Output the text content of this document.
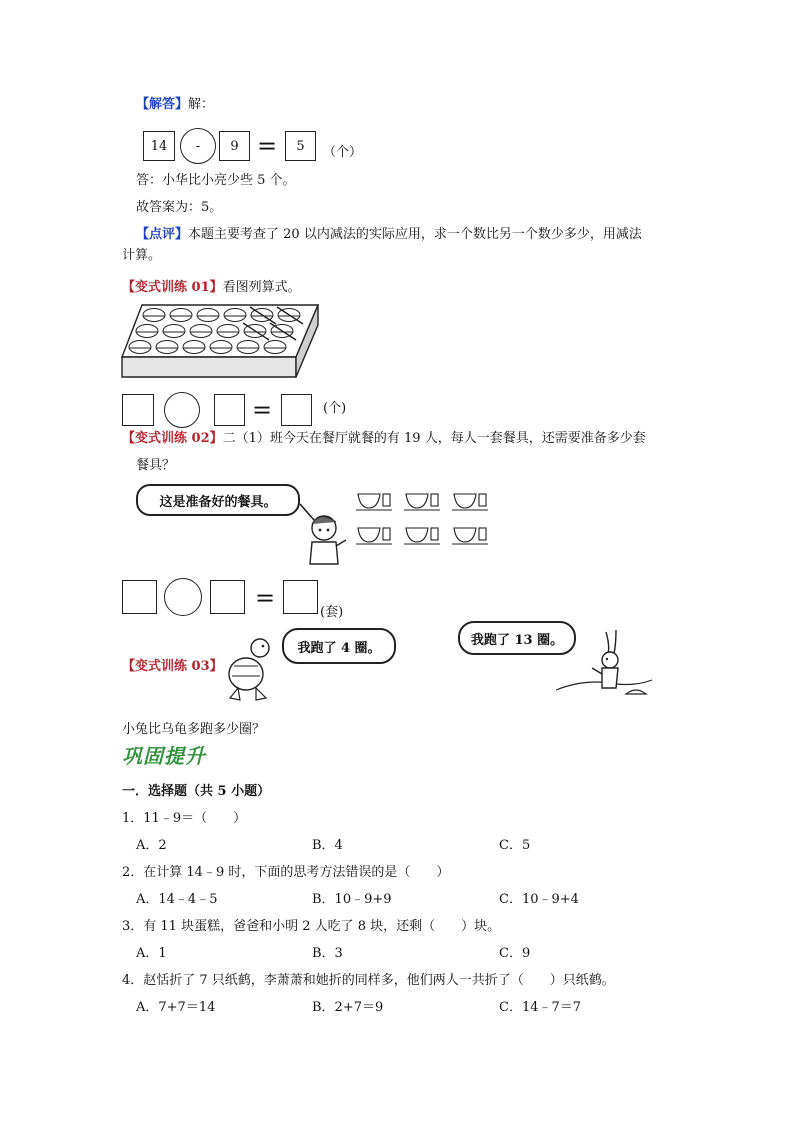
【解答】解：
14	-	9 =	5	（个）
答：小华比小亮少些 5 个。
故答案为：5。
【点评】本题主要考查了 20 以内减法的实际应用，求一个数比另一个数少多少，用减法
计算。
【变式训练 01】看图列算式。
=	(个)
【变式训练 02】二（1）班今天在餐厅就餐的有 19 人，每人一套餐具，还需要准备多少套
餐具？
这是准备好的餐具。
=
(套)
【变式训练 03】
我跑了 4 圈。
我跑了 13 圈。
小兔比乌龟多跑多少圈？
巩固提升
一．选择题（共 5 小题）
1．11﹣9＝（　　）
A．2	B．4	C．5
2．在计算 14﹣9 时，下面的思考方法错误的是（　　）
A．14﹣4﹣5	B．10﹣9+9	C．10﹣9+4
3．有 11 块蛋糕，爸爸和小明 2 人吃了 8 块，还剩（　　）块。
A．1	B．3	C．9
4．赵恬折了 7 只纸鹤，李萧萧和她折的同样多，他们两人一共折了（　　）只纸鹤。
A．7+7＝14	B．2+7＝9	C．14﹣7＝7
